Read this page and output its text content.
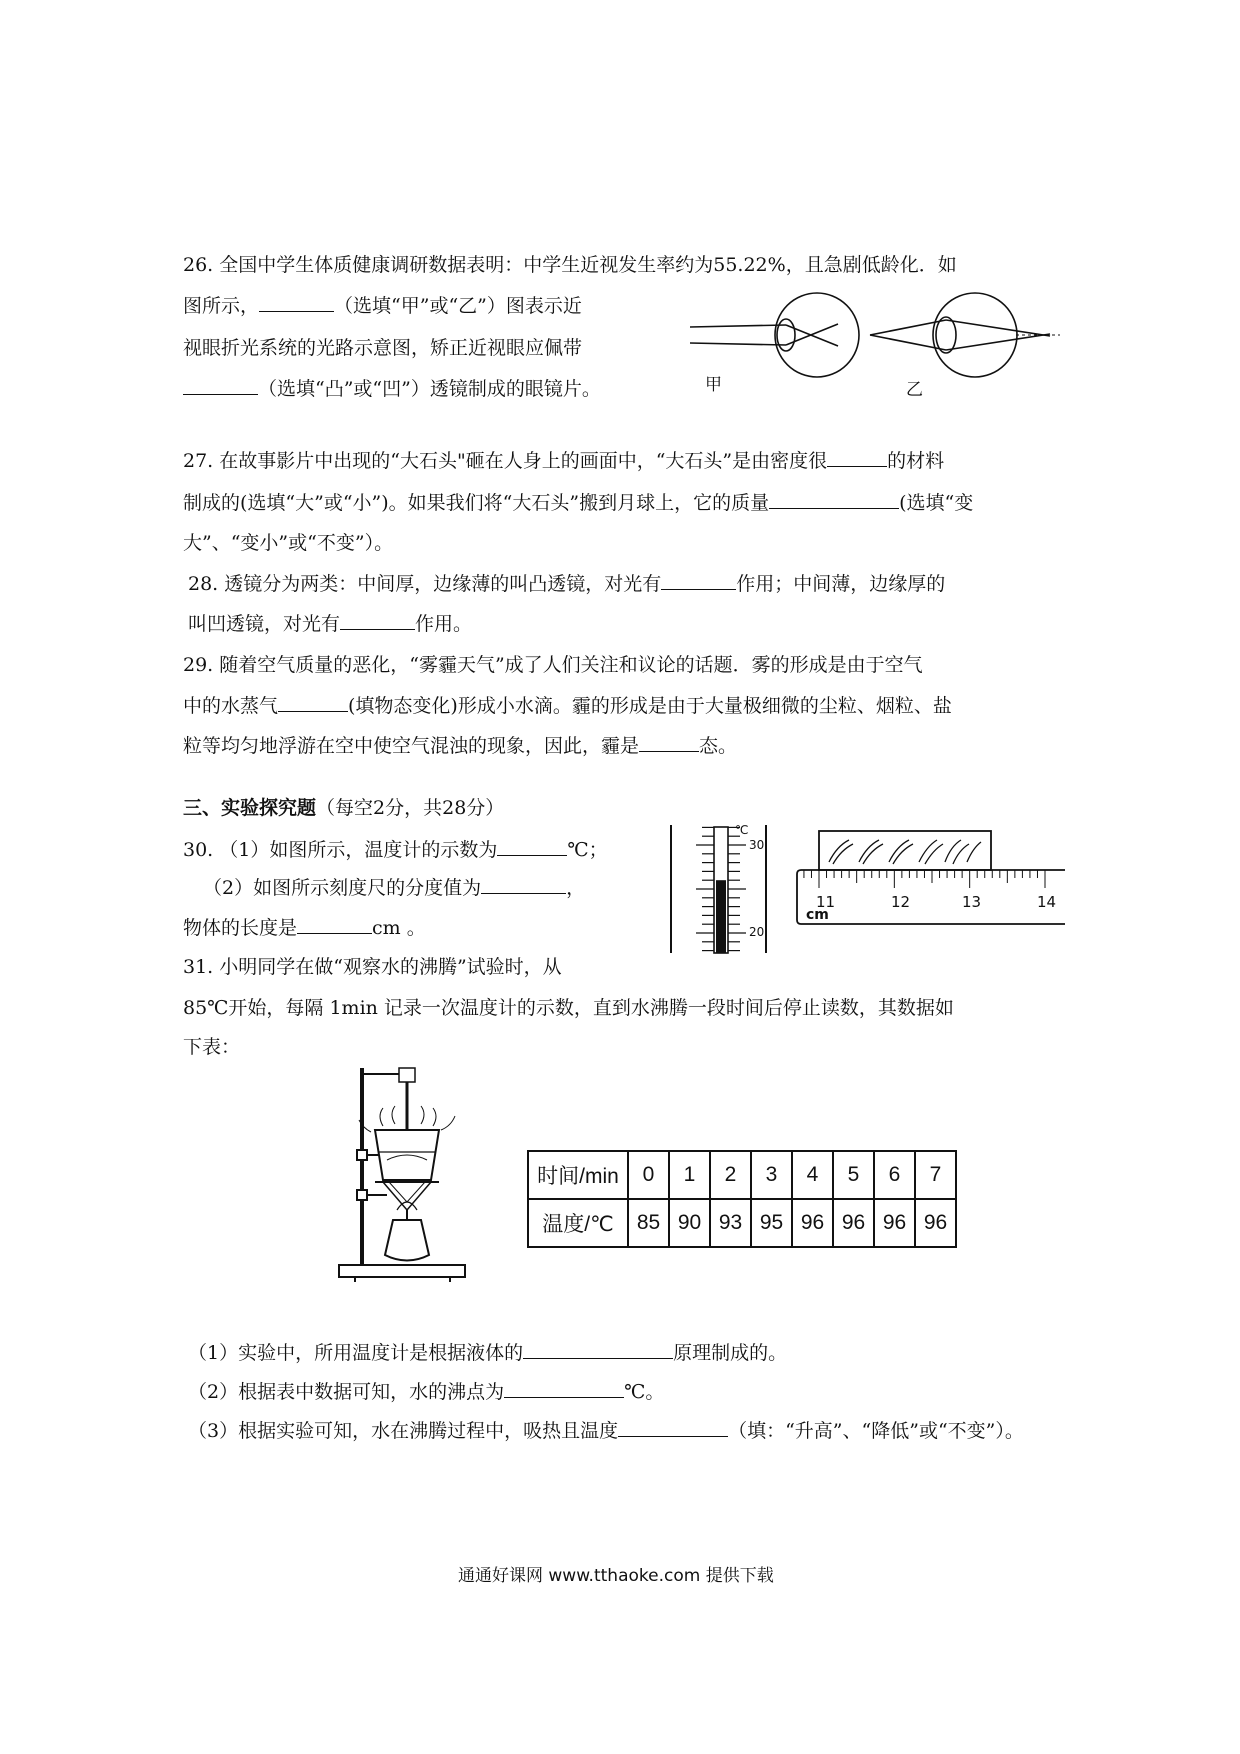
26. 全国中学生体质健康调研数据表明：中学生近视发生率约为55.22%，且急剧低龄化．如
图所示，	（选填“甲”或“乙”）图表示近
视眼折光系统的光路示意图，矫正近视眼应佩带
（选填“凸”或“凹”）透镜制成的眼镜片。	甲	乙
27. 在故事影片中出现的“大石头"砸在人身上的画面中，“大石头”是由密度很	的材料
制成的(选填“大”或“小”)。如果我们将“大石头”搬到月球上，它的质量	(选填“变
大”、“变小”或“不变”）。
28. 透镜分为两类：中间厚，边缘薄的叫凸透镜，对光有	作用；中间薄，边缘厚的
叫凹透镜，对光有	作用。
29. 随着空气质量的恶化，“雾霾天气”成了人们关注和议论的话题．雾的形成是由于空气
中的水蒸气	(填物态变化)形成小水滴。霾的形成是由于大量极细微的尘粒、烟粒、盐
粒等均匀地浮游在空中使空气混浊的现象，因此，霾是	态。
三、实验探究题（每空2分，共28分）
30. （1）如图所示，温度计的示数为	℃；
（2）如图所示刻度尺的分度值为	，
物体的长度是	cm 。
℃
30
20
11	12	13	14
cm
31. 小明同学在做“观察水的沸腾”试验时，从
85℃开始，每隔 1min 记录一次温度计的示数，直到水沸腾一段时间后停止读数，其数据如
下表：
时间/min	0	1	2	3	4	5	6	7
温度/℃	85	90	93	95	96	96	96	96
（1）实验中，所用温度计是根据液体的	原理制成的。
（2）根据表中数据可知，水的沸点为	℃。
（3）根据实验可知，水在沸腾过程中，吸热且温度	（填：“升高”、“降低”或“不变”）。
通通好课网 www.tthaoke.com 提供下载
